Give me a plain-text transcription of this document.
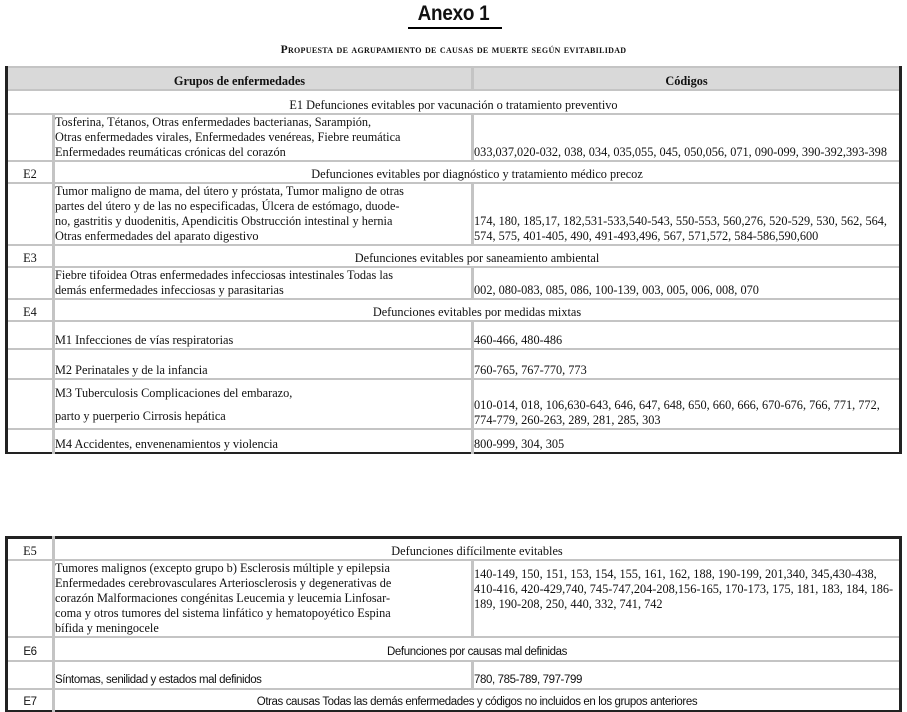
Anexo 1
Propuesta de agrupamiento de causas de muerte según evitabilidad
Grupos de enfermedades		Códigos
E1 Defunciones evitables por vacunación o tratamiento preventivo		

	Tosferina, Tétanos, Otras enfermedades bacterianas, Sarampión,
Otras enfermedades virales, Enfermedades venéreas, Fiebre reumática
Enfermedades reumáticas crónicas del corazón	033,037,020-032, 038, 034, 035,055, 045, 050,056, 071, 090-099, 390-392,393-398
E2	Defunciones evitables por diagnóstico y tratamiento médico precoz	

	Tumor maligno de mama, del útero y próstata, Tumor maligno de otras
partes del útero y de las no especificadas, Úlcera de estómago, duode-
no, gastritis y duodenitis, Apendicitis Obstrucción intestinal y hernia
Otras enfermedades del aparato digestivo	174, 180, 185,17, 182,531-533,540-543, 550-553, 560,276, 520-529, 530, 562, 564, 574, 575, 401-405, 490, 491-493,496, 567, 571,572, 584-586,590,600
E3	Defunciones evitables por saneamiento ambiental	

	Fiebre tifoidea Otras enfermedades infecciosas intestinales Todas las
demás enfermedades infecciosas y parasitarias	002, 080-083, 085, 086, 100-139, 003, 005, 006, 008, 070
E4	Defunciones evitables por medidas mixtas	
	M1 Infecciones de vías respiratorias	460-466, 480-486
	M2 Perinatales y de la infancia	760-765, 767-770, 773

	M3 Tuberculosis Complicaciones del embarazo,
parto y puerperio Cirrosis hepática	010-014, 018, 106,630-643, 646, 647, 648, 650, 660, 666, 670-676, 766, 771, 772, 774-779, 260-263, 289, 281, 285, 303
	M4 Accidentes, envenenamientos y violencia	800-999, 304, 305
E5	Defunciones difícilmente evitables	

	Tumores malignos (excepto grupo b) Esclerosis múltiple y epilepsia
Enfermedades cerebrovasculares Arteriosclerosis y degenerativas de
corazón Malformaciones congénitas Leucemia y leucemia Linfosar-
coma y otros tumores del sistema linfático y hematopoyético Espina
bífida y meningocele	140-149, 150, 151, 153, 154, 155, 161, 162, 188, 190-199, 201,340, 345,430-438, 410-416, 420-429,740, 745-747,204-208,156-165, 170-173, 175, 181, 183, 184, 186-189, 190-208, 250, 440, 332, 741, 742
E6	Defunciones por causas mal definidas	
	Síntomas, senilidad y estados mal definidos	780, 785-789, 797-799
E7	Otras causas Todas las demás enfermedades y códigos no incluidos en los grupos anteriores	
